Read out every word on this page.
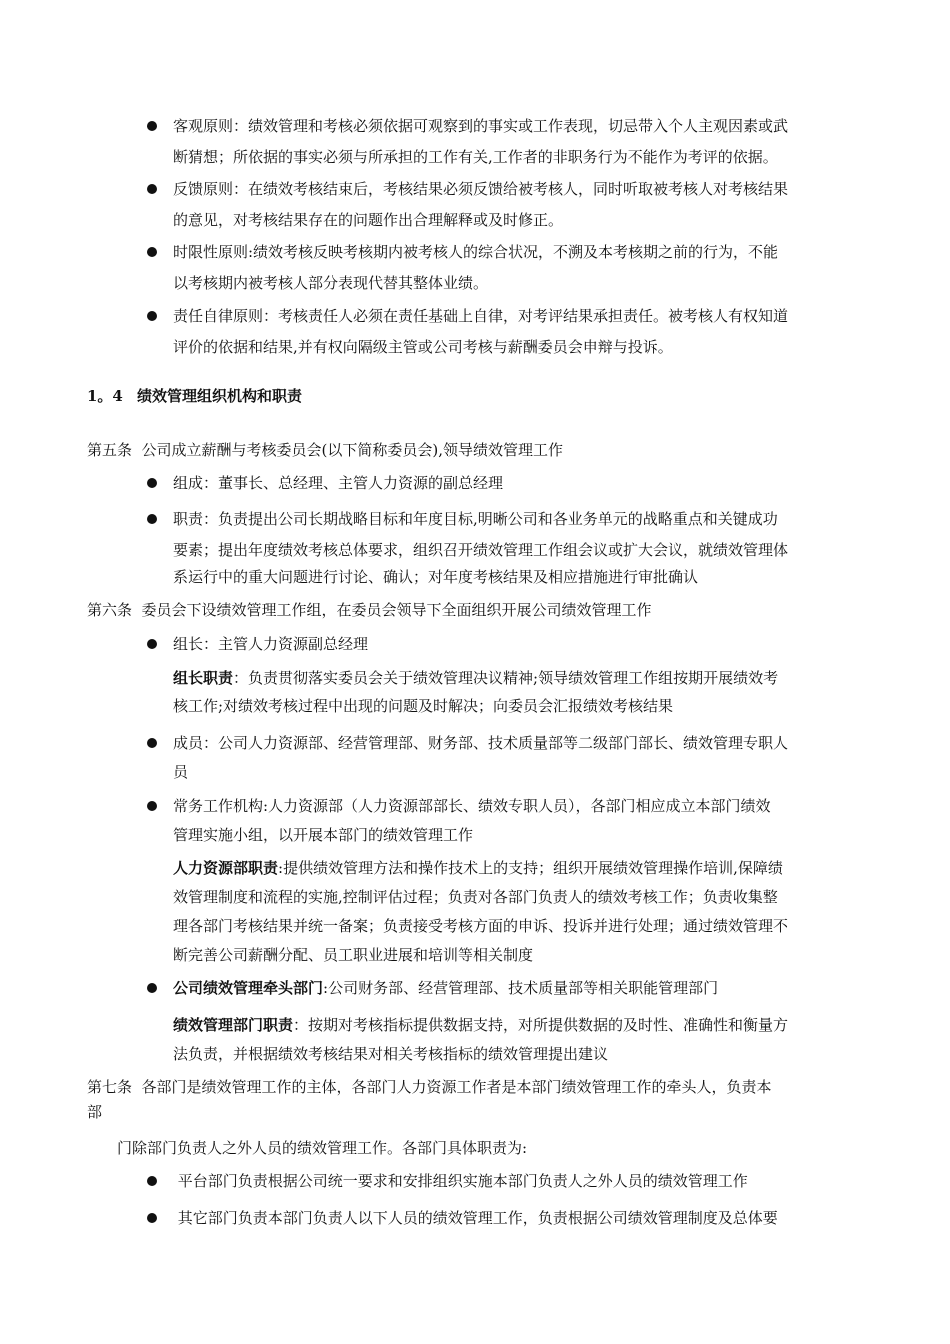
客观原则：绩效管理和考核必须依据可观察到的事实或工作表现，切忌带入个人主观因素或武
断猜想；所依据的事实必须与所承担的工作有关,工作者的非职务行为不能作为考评的依据。
反馈原则：在绩效考核结束后，考核结果必须反馈给被考核人，同时听取被考核人对考核结果
的意见，对考核结果存在的问题作出合理解释或及时修正。
时限性原则:绩效考核反映考核期内被考核人的综合状况，不溯及本考核期之前的行为，不能
以考核期内被考核人部分表现代替其整体业绩。
责任自律原则：考核责任人必须在责任基础上自律，对考评结果承担责任。被考核人有权知道
评价的依据和结果,并有权向隔级主管或公司考核与薪酬委员会申辩与投诉。
1。4 绩效管理组织机构和职责
第五条  公司成立薪酬与考核委员会(以下简称委员会),领导绩效管理工作
组成：董事长、总经理、主管人力资源的副总经理
职责：负责提出公司长期战略目标和年度目标,明晰公司和各业务单元的战略重点和关键成功
要素；提出年度绩效考核总体要求，组织召开绩效管理工作组会议或扩大会议，就绩效管理体
系运行中的重大问题进行讨论、确认；对年度考核结果及相应措施进行审批确认
第六条  委员会下设绩效管理工作组，在委员会领导下全面组织开展公司绩效管理工作
组长：主管人力资源副总经理
组长职责：负责贯彻落实委员会关于绩效管理决议精神;领导绩效管理工作组按期开展绩效考
核工作;对绩效考核过程中出现的问题及时解决；向委员会汇报绩效考核结果
成员：公司人力资源部、经营管理部、财务部、技术质量部等二级部门部长、绩效管理专职人
员
常务工作机构:人力资源部（人力资源部部长、绩效专职人员），各部门相应成立本部门绩效
管理实施小组，以开展本部门的绩效管理工作
人力资源部职责:提供绩效管理方法和操作技术上的支持；组织开展绩效管理操作培训,保障绩
效管理制度和流程的实施,控制评估过程；负责对各部门负责人的绩效考核工作；负责收集整
理各部门考核结果并统一备案；负责接受考核方面的申诉、投诉并进行处理；通过绩效管理不
断完善公司薪酬分配、员工职业进展和培训等相关制度
公司绩效管理牵头部门:公司财务部、经营管理部、技术质量部等相关职能管理部门
绩效管理部门职责：按期对考核指标提供数据支持，对所提供数据的及时性、准确性和衡量方
法负责，并根据绩效考核结果对相关考核指标的绩效管理提出建议
第七条  各部门是绩效管理工作的主体，各部门人力资源工作者是本部门绩效管理工作的牵头人，负责本
部
门除部门负责人之外人员的绩效管理工作。各部门具体职责为:
平台部门负责根据公司统一要求和安排组织实施本部门负责人之外人员的绩效管理工作
其它部门负责本部门负责人以下人员的绩效管理工作，负责根据公司绩效管理制度及总体要
